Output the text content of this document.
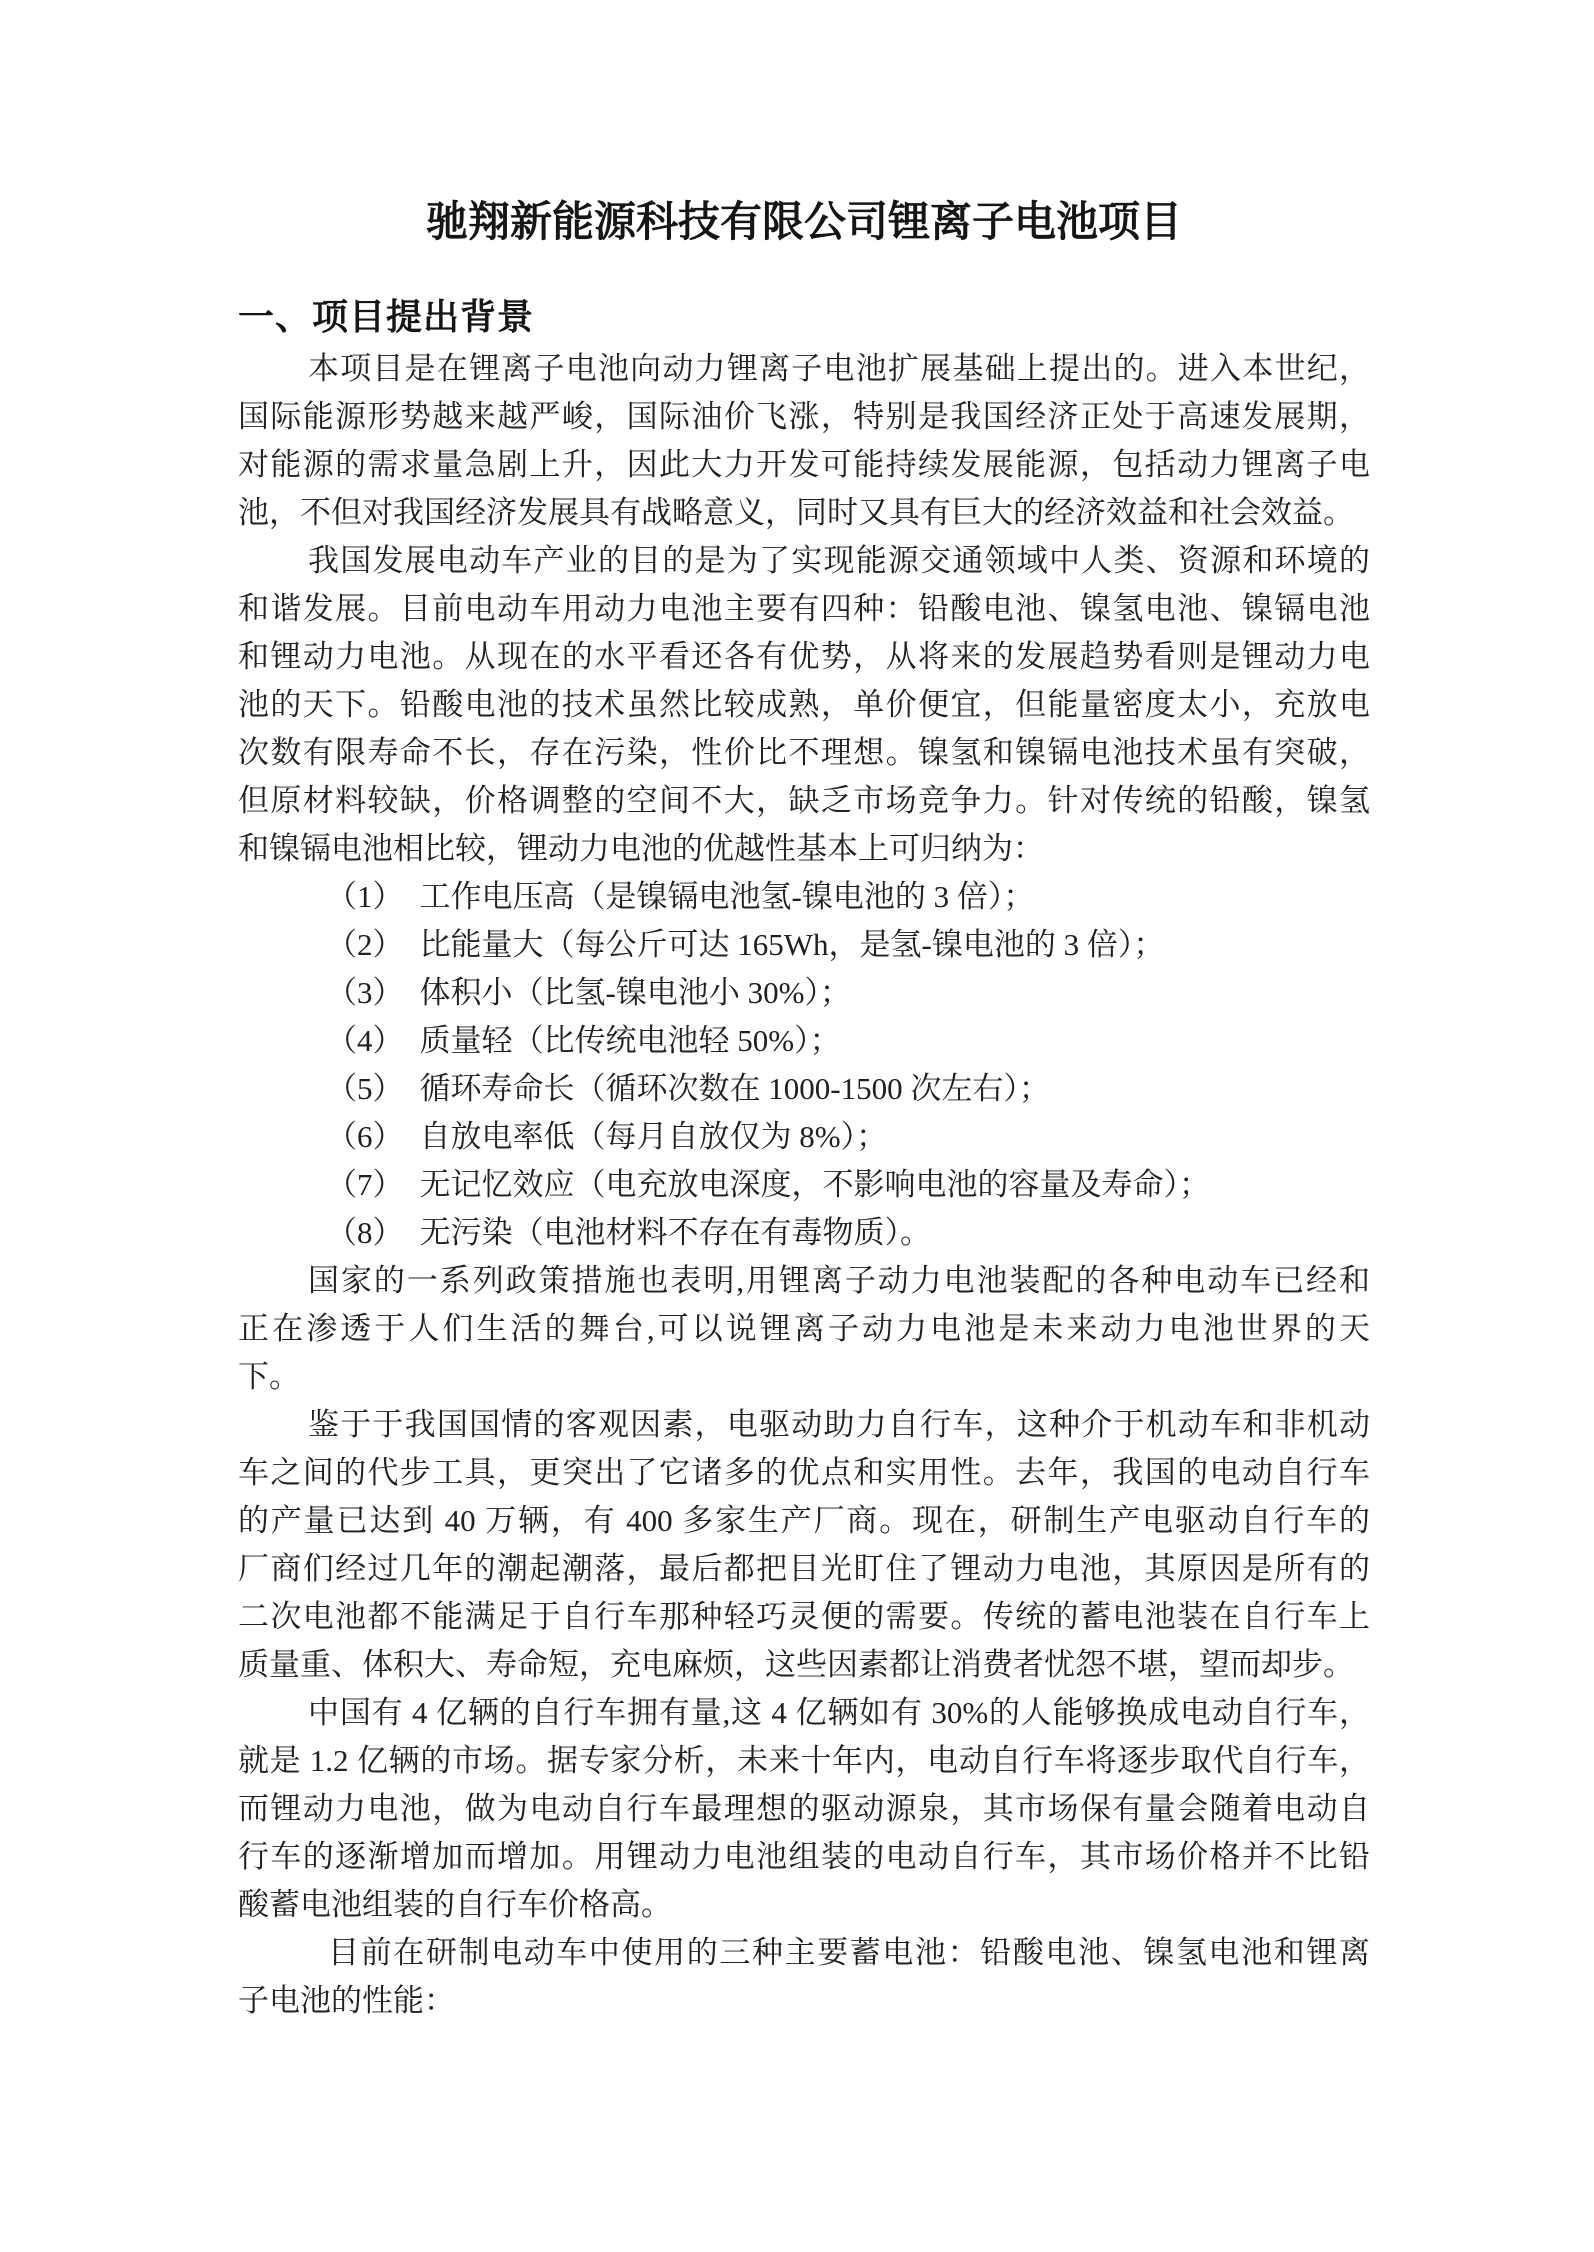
驰翔新能源科技有限公司锂离子电池项目
一、项目提出背景
本项目是在锂离子电池向动力锂离子电池扩展基础上提出的。进入本世纪，
国际能源形势越来越严峻，国际油价飞涨，特别是我国经济正处于高速发展期，
对能源的需求量急剧上升，因此大力开发可能持续发展能源，包括动力锂离子电
池，不但对我国经济发展具有战略意义，同时又具有巨大的经济效益和社会效益。
我国发展电动车产业的目的是为了实现能源交通领域中人类、资源和环境的
和谐发展。目前电动车用动力电池主要有四种：铅酸电池、镍氢电池、镍镉电池
和锂动力电池。从现在的水平看还各有优势，从将来的发展趋势看则是锂动力电
池的天下。铅酸电池的技术虽然比较成熟，单价便宜，但能量密度太小，充放电
次数有限寿命不长，存在污染，性价比不理想。镍氢和镍镉电池技术虽有突破，
但原材料较缺，价格调整的空间不大，缺乏市场竞争力。针对传统的铅酸，镍氢
和镍镉电池相比较，锂动力电池的优越性基本上可归纳为：
（1） 工作电压高（是镍镉电池氢-镍电池的 3 倍）；
（2） 比能量大（每公斤可达 165Wh，是氢-镍电池的 3 倍）；
（3） 体积小（比氢-镍电池小 30%）；
（4） 质量轻（比传统电池轻 50%）；
（5） 循环寿命长（循环次数在 1000-1500 次左右）；
（6） 自放电率低（每月自放仅为 8%）；
（7） 无记忆效应（电充放电深度，不影响电池的容量及寿命）；
（8） 无污染（电池材料不存在有毒物质）。
国家的一系列政策措施也表明,用锂离子动力电池装配的各种电动车已经和
正在渗透于人们生活的舞台,可以说锂离子动力电池是未来动力电池世界的天
下。
鉴于于我国国情的客观因素，电驱动助力自行车，这种介于机动车和非机动
车之间的代步工具，更突出了它诸多的优点和实用性。去年，我国的电动自行车
的产量已达到 40 万辆，有 400 多家生产厂商。现在，研制生产电驱动自行车的
厂商们经过几年的潮起潮落，最后都把目光盯住了锂动力电池，其原因是所有的
二次电池都不能满足于自行车那种轻巧灵便的需要。传统的蓄电池装在自行车上
质量重、体积大、寿命短，充电麻烦，这些因素都让消费者忧怨不堪，望而却步。
中国有 4 亿辆的自行车拥有量,这 4 亿辆如有 30%的人能够换成电动自行车，
就是 1.2 亿辆的市场。据专家分析，未来十年内，电动自行车将逐步取代自行车，
而锂动力电池，做为电动自行车最理想的驱动源泉，其市场保有量会随着电动自
行车的逐渐增加而增加。用锂动力电池组装的电动自行车，其市场价格并不比铅
酸蓄电池组装的自行车价格高。
目前在研制电动车中使用的三种主要蓄电池：铅酸电池、镍氢电池和锂离
子电池的性能：
